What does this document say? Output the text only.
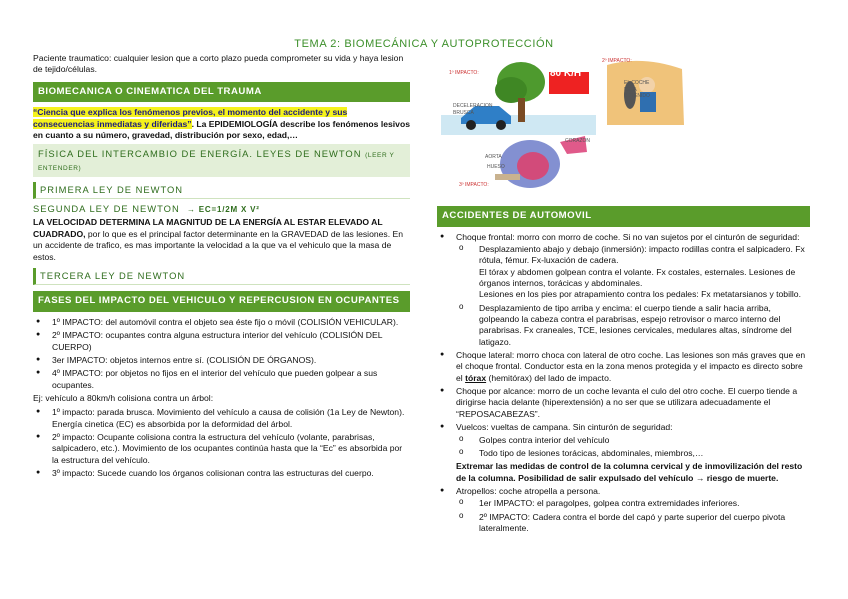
TEMA 2: BIOMECÁNICA Y AUTOPROTECCIÓN
1º IMPACTO:	80 K/H
DECELERACION BRUSCA
2º IMPACTO:
EL COCHE ESTA DETENIDO
3º IMPACTO:
CORAZON
AORTA
HUESO
Paciente traumatico: cualquier lesion que a corto plazo pueda comprometer su vida y haya lesion de tejido/células.
BIOMECANICA O CINEMATICA DEL TRAUMA
“Ciencia que explica los fenómenos previos, el momento del accidente y sus consecuencias inmediatas y diferidas”. La EPIDEMIOLOGÍA describe los fenómenos lesivos en cuanto a su número, gravedad, distribución por sexo, edad,…
FÍSICA DEL INTERCAMBIO DE ENERGÍA. LEYES DE NEWTON (LEER Y ENTENDER)
PRIMERA LEY DE NEWTON
SEGUNDA LEY DE NEWTON → EC=1/2M X V²
LA VELOCIDAD DETERMINA LA MAGNITUD DE LA ENERGÍA AL ESTAR ELEVADO AL CUADRADO, por lo que es el principal factor determinante en la GRAVEDAD de las lesiones. En un accidente de trafico, es mas importante la velocidad a la que va el vehiculo que la masa de estos.
TERCERA LEY DE NEWTON
FASES DEL IMPACTO DEL VEHICULO Y REPERCUSION EN OCUPANTES
● 1º IMPACTO: del automóvil contra el objeto sea éste fijo o móvil (COLISIÓN VEHICULAR).
● 2º IMPACTO: ocupantes contra alguna estructura interior del vehículo (COLISIÓN DEL CUERPO)
● 3er IMPACTO: objetos internos entre sí. (COLISIÓN DE ÓRGANOS).
● 4º IMPACTO: por objetos no fijos en el interior del vehículo que pueden golpear a sus ocupantes.
Ej: vehículo a 80km/h colisiona contra un árbol:
● 1º impacto: parada brusca. Movimiento del vehículo a causa de colisión (1a Ley de Newton). Energía cinetica (EC) es absorbida por la deformidad del árbol.
● 2º impacto: Ocupante colisiona contra la estructura del vehículo (volante, parabrisas, salpicadero, etc.). Movimiento de los ocupantes continúa hasta que la “Ec” es absorbida por la estructura del vehículo.
● 3º impacto: Sucede cuando los órganos colisionan contra las estructuras del cuerpo.
ACCIDENTES DE AUTOMOVIL
● Choque frontal: morro con morro de coche. Si no van sujetos por el cinturón de seguridad:
o Desplazamiento abajo y debajo (inmersión): impacto rodillas contra el salpicadero. Fx rótula, fémur. Fx-luxación de cadera.
El tórax y abdomen golpean contra el volante. Fx costales, esternales. Lesiones de órganos internos, torácicas y abdominales.
Lesiones en los pies por atrapamiento contra los pedales: Fx metatarsianos y tobillo.
o Desplazamiento de tipo arriba y encima: el cuerpo tiende a salir hacia arriba, golpeando la cabeza contra el parabrisas, espejo retrovisor o marco interno del parabrisas. Fx craneales, TCE, lesiones cervicales, medulares altas, síndrome del latigazo.
● Choque lateral: morro choca con lateral de otro coche. Las lesiones son más graves que en el choque frontal. Conductor esta en la zona menos protegida y el impacto es directo sobre el tórax (hemitórax) del lado de impacto.
● Choque por alcance: morro de un coche levanta el culo del otro coche. El cuerpo tiende a dirigirse hacia delante (hiperextensión) a no ser que se utilizara adecuadamente el “REPOSACABEZAS”.
● Vuelcos: vueltas de campana. Sin cinturón de seguridad:
o Golpes contra interior del vehículo
o Todo tipo de lesiones torácicas, abdominales, miembros,…
Extremar las medidas de control de la columna cervical y de inmovilización del resto de la columna. Posibilidad de salir expulsado del vehículo → riesgo de muerte.
● Atropellos: coche atropella a persona.
o 1er IMPACTO: el paragolpes, golpea contra extremidades inferiores.
o 2º IMPACTO: Cadera contra el borde del capó y parte superior del cuerpo pivota lateralmente.
